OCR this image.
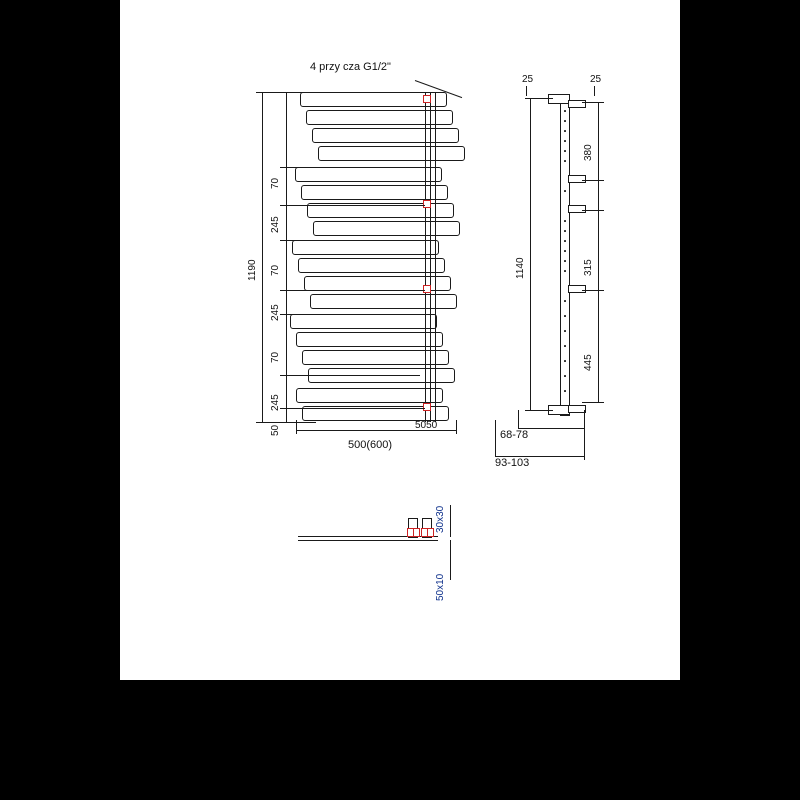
4 przy cza G1/2"
1190
70
245
70
245
70
245
50
500(600)
5050
1140
25	25
380
315
445
68-78
93-103
30x30
50x10
